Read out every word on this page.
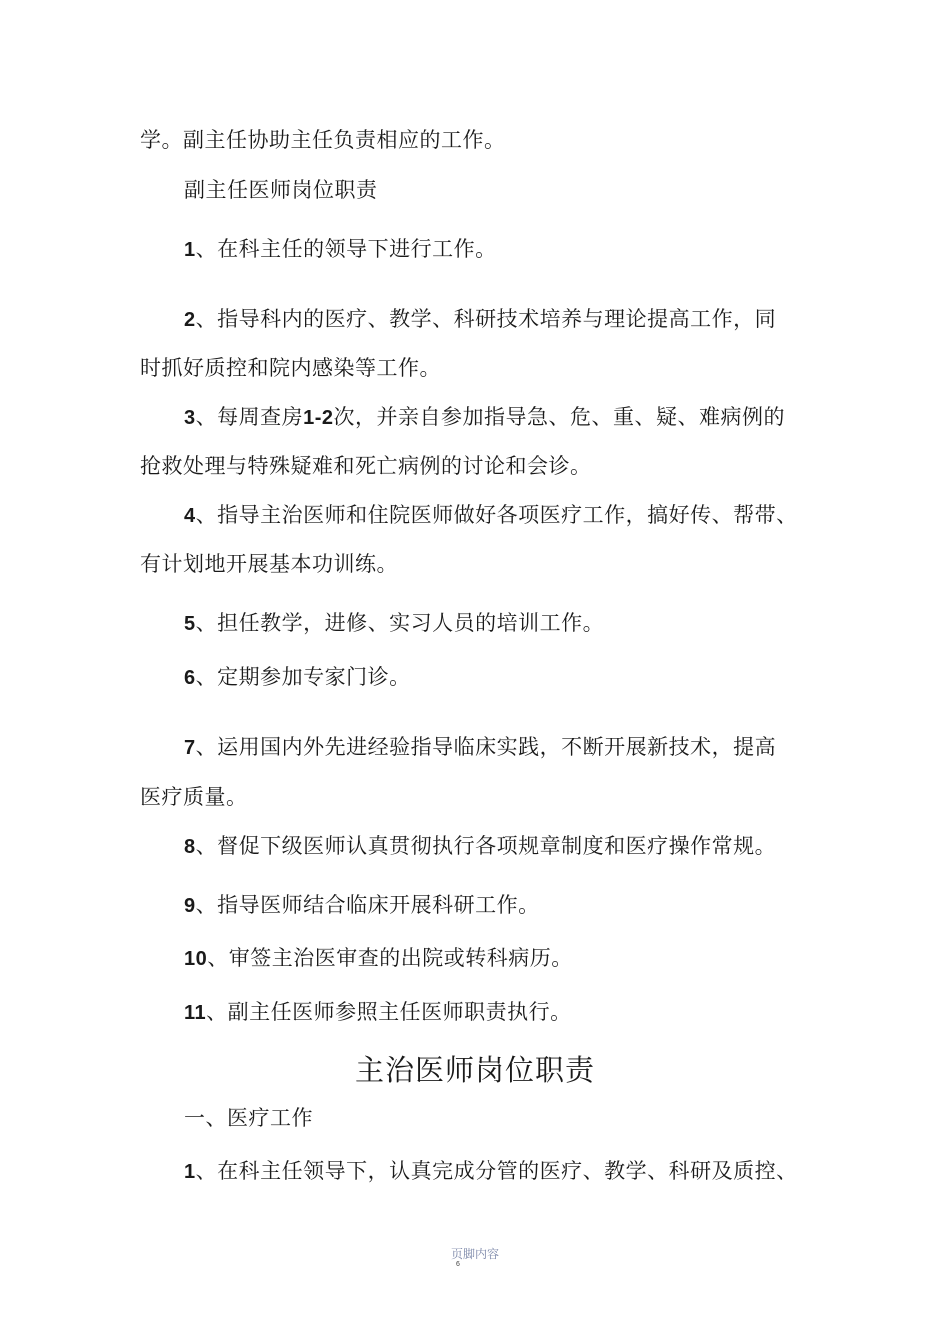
学。副主任协助主任负责相应的工作。
副主任医师岗位职责
1、在科主任的领导下进行工作。
2、指导科内的医疗、教学、科研技术培养与理论提高工作，同
时抓好质控和院内感染等工作。
3、每周查房1-2次，并亲自参加指导急、危、重、疑、难病例的
抢救处理与特殊疑难和死亡病例的讨论和会诊。
4、指导主治医师和住院医师做好各项医疗工作，搞好传、帮带、
有计划地开展基本功训练。
5、担任教学，进修、实习人员的培训工作。
6、定期参加专家门诊。
7、运用国内外先进经验指导临床实践，不断开展新技术，提高
医疗质量。
8、督促下级医师认真贯彻执行各项规章制度和医疗操作常规。
9、指导医师结合临床开展科研工作。
10、审签主治医审查的出院或转科病历。
11、副主任医师参照主任医师职责执行。
主治医师岗位职责
一、医疗工作
1、在科主任领导下，认真完成分管的医疗、教学、科研及质控、
页脚内容
6
